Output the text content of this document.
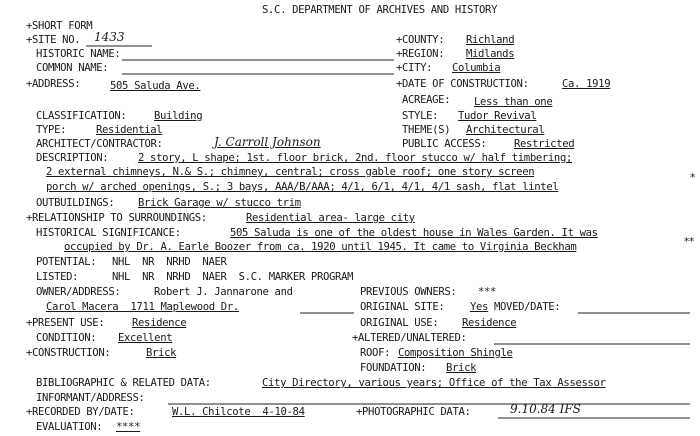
S.C. DEPARTMENT OF ARCHIVES AND HISTORY
+SHORT FORM
+SITE NO. 1433	+COUNTY: Richland
HISTORIC NAME:	+REGION: Midlands
COMMON NAME:	+CITY: Columbia
+ADDRESS:	505 Saluda Ave.	+DATE OF CONSTRUCTION:	Ca. 1919
ACREAGE: Less than one
CLASSIFICATION:	Building	STYLE: Tudor Revival
TYPE:	Residential	THEME(S) Architectural
ARCHITECT/CONTRACTOR:	J. Carroll Johnson	PUBLIC ACCESS:	Restricted
DESCRIPTION:	2 story, L shape; 1st. floor brick, 2nd. floor stucco w/ half timbering;
2 external chimneys, N.& S.; chimney, central; cross gable roof; one story screen
porch w/ arched openings, S.; 3 bays, AAA/B/AAA; 4/1, 6/1, 4/1, 4/1 sash, flat lintel
*
OUTBUILDINGS: Brick Garage w/ stucco trim
+RELATIONSHIP TO SURROUNDINGS:	Residential area- large city
HISTORICAL SIGNIFICANCE:	505 Saluda is one of the oldest house in Wales Garden. It was
occupied by Dr. A. Earle Boozer from ca. 1920 until 1945. It came to Virginia Beckham	**
POTENTIAL: NHL  NR  NRHD  NAER
LISTED:	NHL  NR  NRHD  NAER  S.C. MARKER PROGRAM
OWNER/ADDRESS:	Robert J. Jannarone and	PREVIOUS OWNERS: ***
Carol Macera  1711 Maplewood Dr.	ORIGINAL SITE: Yes MOVED/DATE:
+PRESENT USE:	Residence	ORIGINAL USE: Residence
CONDITION: Excellent	+ALTERED/UNALTERED:
+CONSTRUCTION:	Brick	ROOF: Composition Shingle
FOUNDATION: Brick
BIBLIOGRAPHIC & RELATED DATA:	City Directory, various years; Office of the Tax Assessor
INFORMANT/ADDRESS:
+RECORDED BY/DATE:	W.L. Chilcote  4-10-84	+PHOTOGRAPHIC DATA:	9.10.84 IFS
EVALUATION: ****
